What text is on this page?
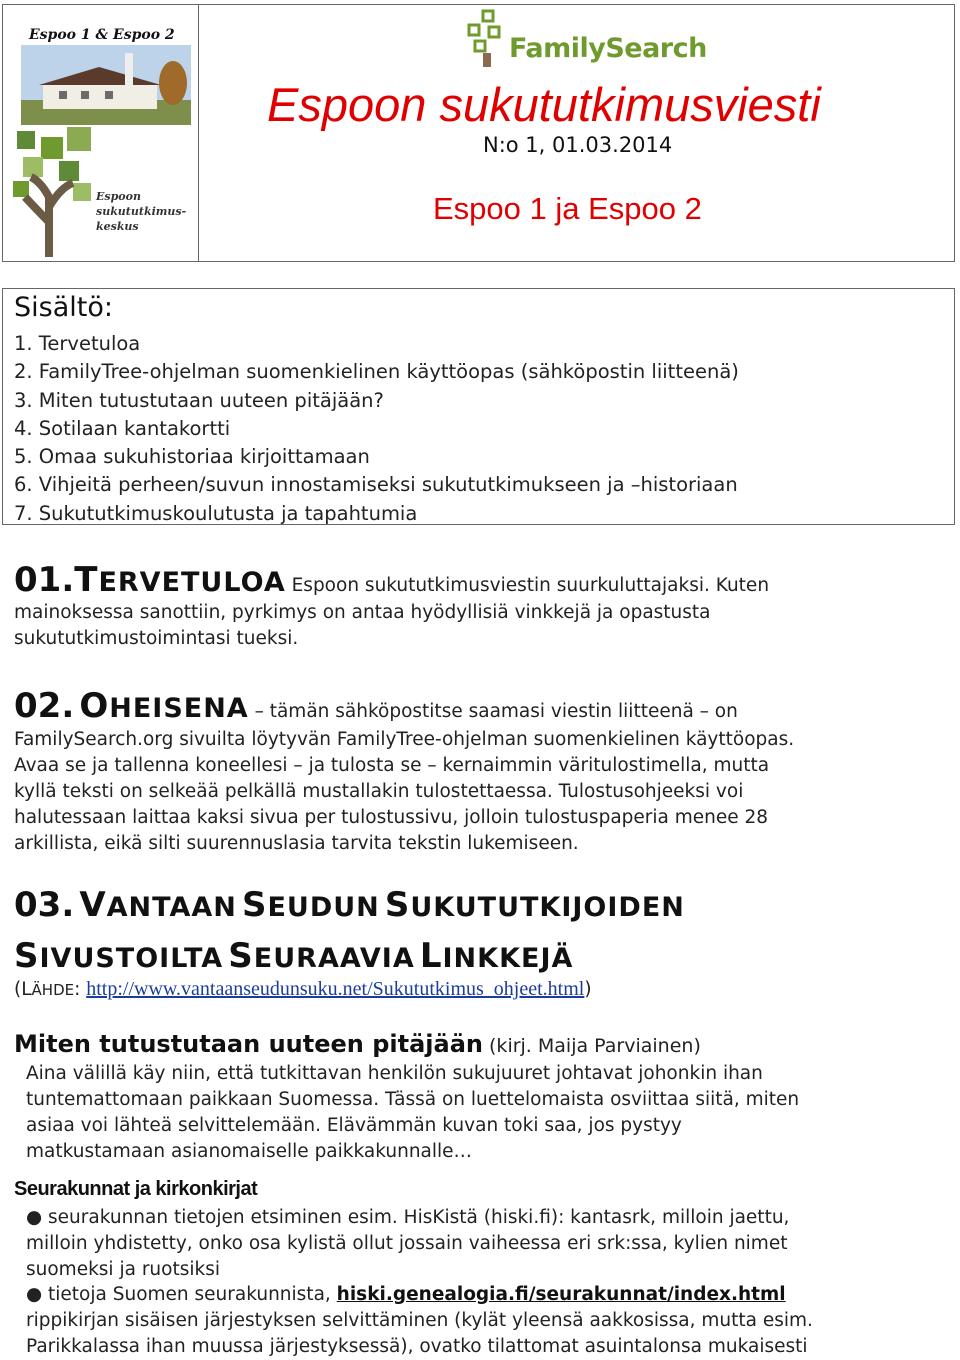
Espoo 1 & Espoo 2
Espoon sukututkimus-keskus
FamilySearch
Espoon sukututkimusviesti
N:o 1, 01.03.2014
Espoo 1 ja Espoo 2
Sisältö:
1. Tervetuloa
2. FamilyTree-ohjelman suomenkielinen käyttöopas (sähköpostin liitteenä)
3. Miten tutustutaan uuteen pitäjään?
4. Sotilaan kantakortti
5. Omaa sukuhistoriaa kirjoittamaan
6. Vihjeitä perheen/suvun innostamiseksi sukututkimukseen ja –historiaan
7. Sukututkimuskoulutusta ja tapahtumia
01.TERVETULOA Espoon sukututkimusviestin suurkuluttajaksi. Kuten
mainoksessa sanottiin, pyrkimys on antaa hyödyllisiä vinkkejä ja opastusta
sukututkimustoimintasi tueksi.
02. OHEISENA – tämän sähköpostitse saamasi viestin liitteenä – on
FamilySearch.org sivuilta löytyvän FamilyTree-ohjelman suomenkielinen käyttöopas.
Avaa se ja tallenna koneellesi – ja tulosta se – kernaimmin väritulostimella, mutta
kyllä teksti on selkeää pelkällä mustallakin tulostettaessa. Tulostusohjeeksi voi
halutessaan laittaa kaksi sivua per tulostussivu, jolloin tulostuspaperia menee 28
arkillista, eikä silti suurennuslasia tarvita tekstin lukemiseen.
03. VANTAAN SEUDUN SUKUTUTKIJOIDEN
SIVUSTOILTA SEURAAVIA LINKKEJÄ
(LÄHDE: http://www.vantaanseudunsuku.net/Sukututkimus_ohjeet.html)
Miten tutustutaan uuteen pitäjään (kirj. Maija Parviainen)
Aina välillä käy niin, että tutkittavan henkilön sukujuuret johtavat johonkin ihan
tuntemattomaan paikkaan Suomessa. Tässä on luettelomaista osviittaa siitä, miten
asiaa voi lähteä selvittelemään. Elävämmän kuvan toki saa, jos pystyy
matkustamaan asianomaiselle paikkakunnalle…
Seurakunnat ja kirkonkirjat
● seurakunnan tietojen etsiminen esim. HisKistä (hiski.fi): kantasrk, milloin jaettu,
milloin yhdistetty, onko osa kylistä ollut jossain vaiheessa eri srk:ssa, kylien nimet
suomeksi ja ruotsiksi
● tietoja Suomen seurakunnista, hiski.genealogia.fi/seurakunnat/index.html
rippikirjan sisäisen järjestyksen selvittäminen (kylät yleensä aakkosissa, mutta esim.
Parikkalassa ihan muussa järjestyksessä), ovatko tilattomat asuintalonsa mukaisesti
